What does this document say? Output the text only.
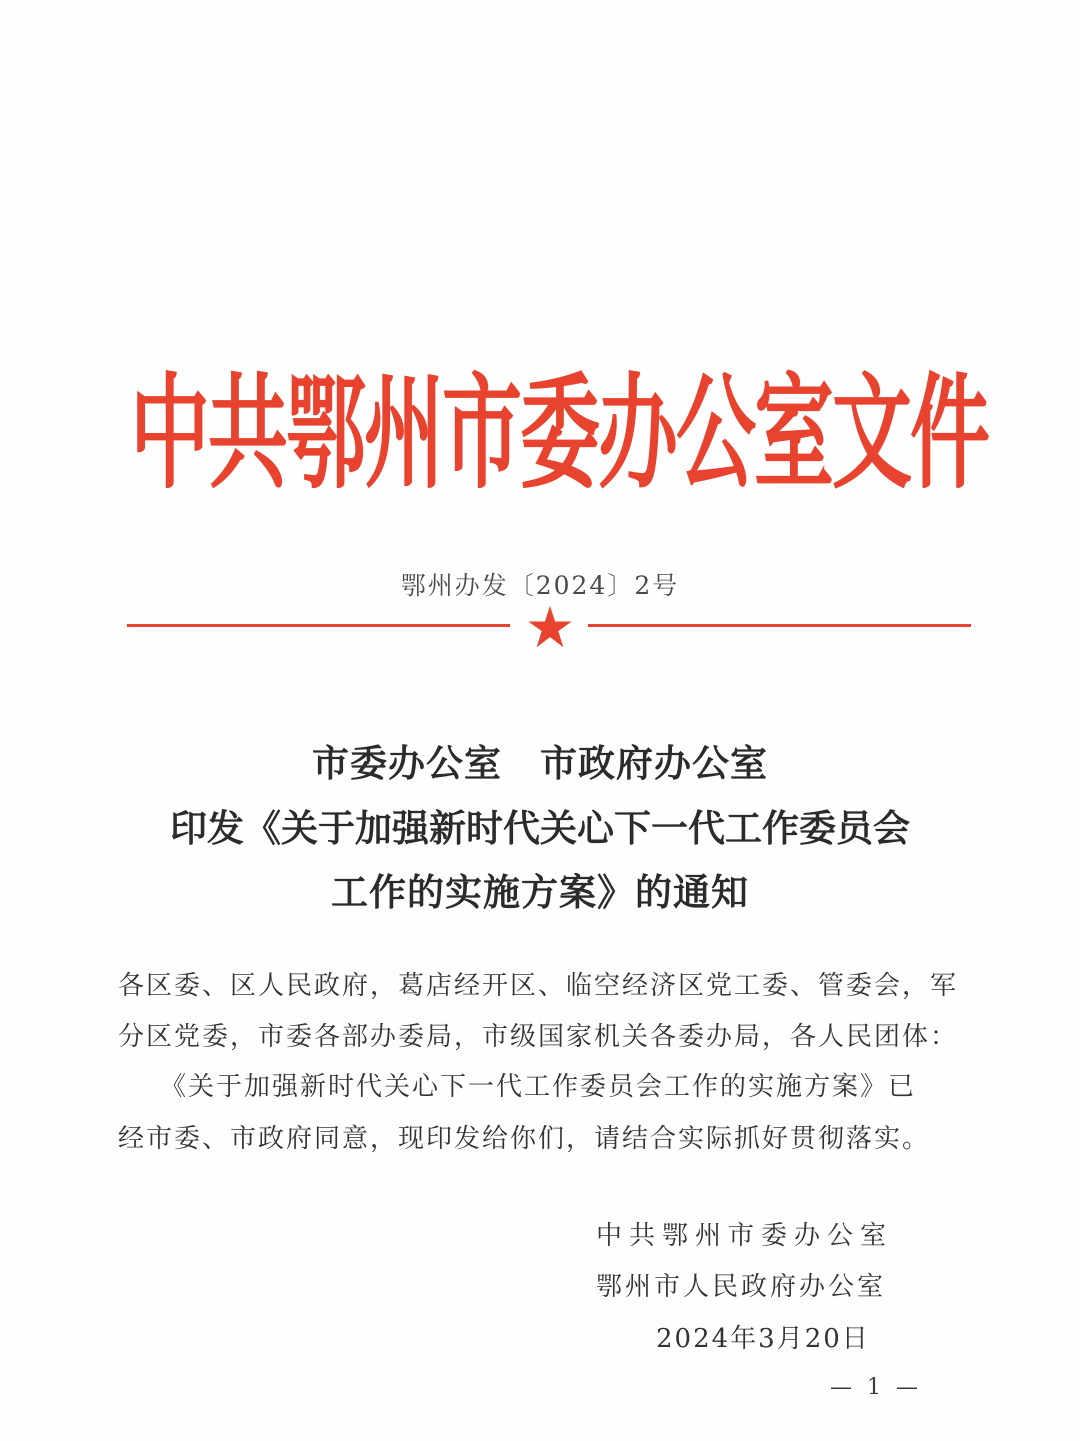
中共鄂州市委办公室文件
鄂州办发〔2024〕2号
市委办公室　市政府办公室
印发《关于加强新时代关心下一代工作委员会
工作的实施方案》的通知
各区委、区人民政府，葛店经开区、临空经济区党工委、管委会，军
分区党委，市委各部办委局，市级国家机关各委办局，各人民团体：
《关于加强新时代关心下一代工作委员会工作的实施方案》已
经市委、市政府同意，现印发给你们，请结合实际抓好贯彻落实。
中共鄂州市委办公室
鄂州市人民政府办公室
2024年3月20日
— 1 —
